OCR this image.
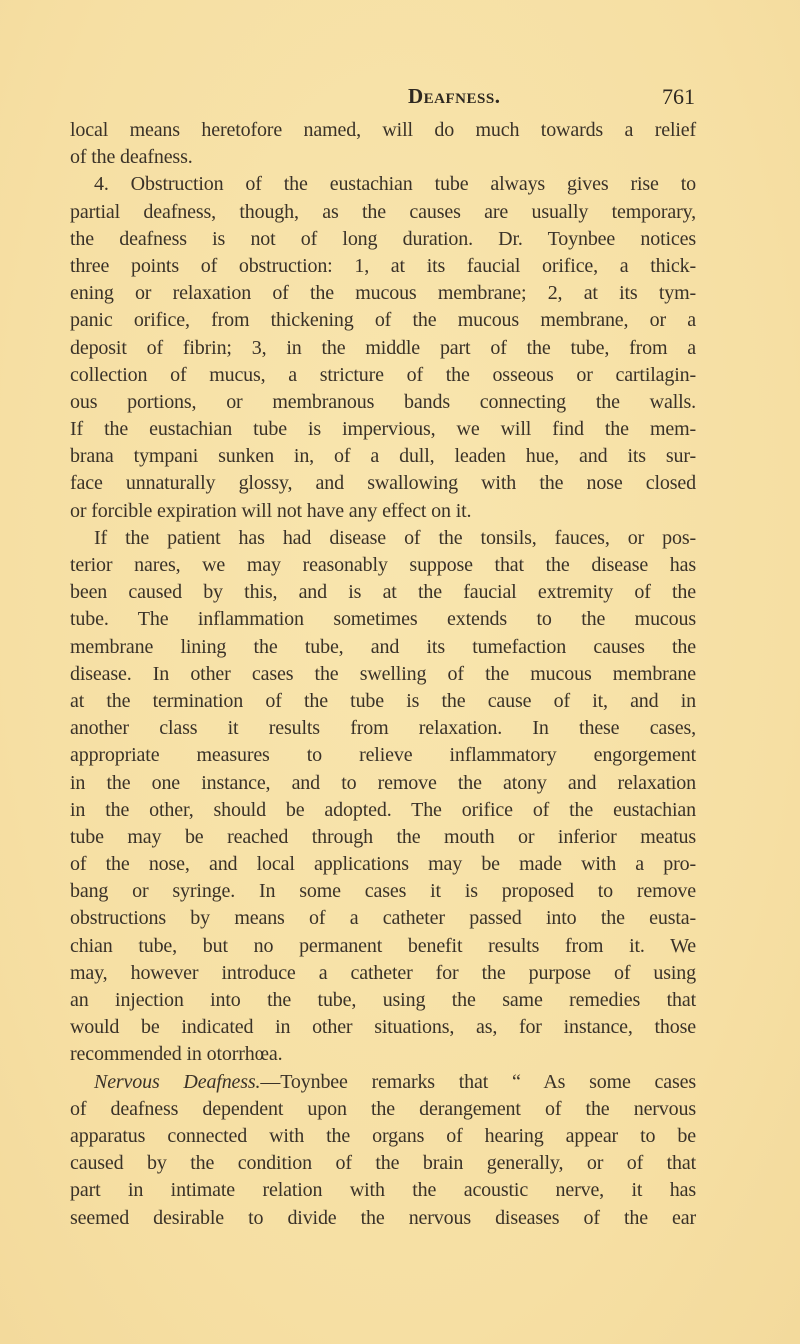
Deafness.	761
local means heretofore named, will do much towards a relief
of the deafness.
4. Obstruction of the eustachian tube always gives rise to
partial deafness, though, as the causes are usually temporary,
the deafness is not of long duration. Dr. Toynbee notices
three points of obstruction: 1, at its faucial orifice, a thick-
ening or relaxation of the mucous membrane; 2, at its tym-
panic orifice, from thickening of the mucous membrane, or a
deposit of fibrin; 3, in the middle part of the tube, from a
collection of mucus, a stricture of the osseous or cartilagin-
ous portions, or membranous bands connecting the walls.
If the eustachian tube is impervious, we will find the mem-
brana tympani sunken in, of a dull, leaden hue, and its sur-
face unnaturally glossy, and swallowing with the nose closed
or forcible expiration will not have any effect on it.
If the patient has had disease of the tonsils, fauces, or pos-
terior nares, we may reasonably suppose that the disease has
been caused by this, and is at the faucial extremity of the
tube. The inflammation sometimes extends to the mucous
membrane lining the tube, and its tumefaction causes the
disease. In other cases the swelling of the mucous membrane
at the termination of the tube is the cause of it, and in
another class it results from relaxation. In these cases,
appropriate measures to relieve inflammatory engorgement
in the one instance, and to remove the atony and relaxation
in the other, should be adopted. The orifice of the eustachian
tube may be reached through the mouth or inferior meatus
of the nose, and local applications may be made with a pro-
bang or syringe. In some cases it is proposed to remove
obstructions by means of a catheter passed into the eusta-
chian tube, but no permanent benefit results from it. We
may, however introduce a catheter for the purpose of using
an injection into the tube, using the same remedies that
would be indicated in other situations, as, for instance, those
recommended in otorrhœa.
Nervous Deafness.—Toynbee remarks that “ As some cases
of deafness dependent upon the derangement of the nervous
apparatus connected with the organs of hearing appear to be
caused by the condition of the brain generally, or of that
part in intimate relation with the acoustic nerve, it has
seemed desirable to divide the nervous diseases of the ear
